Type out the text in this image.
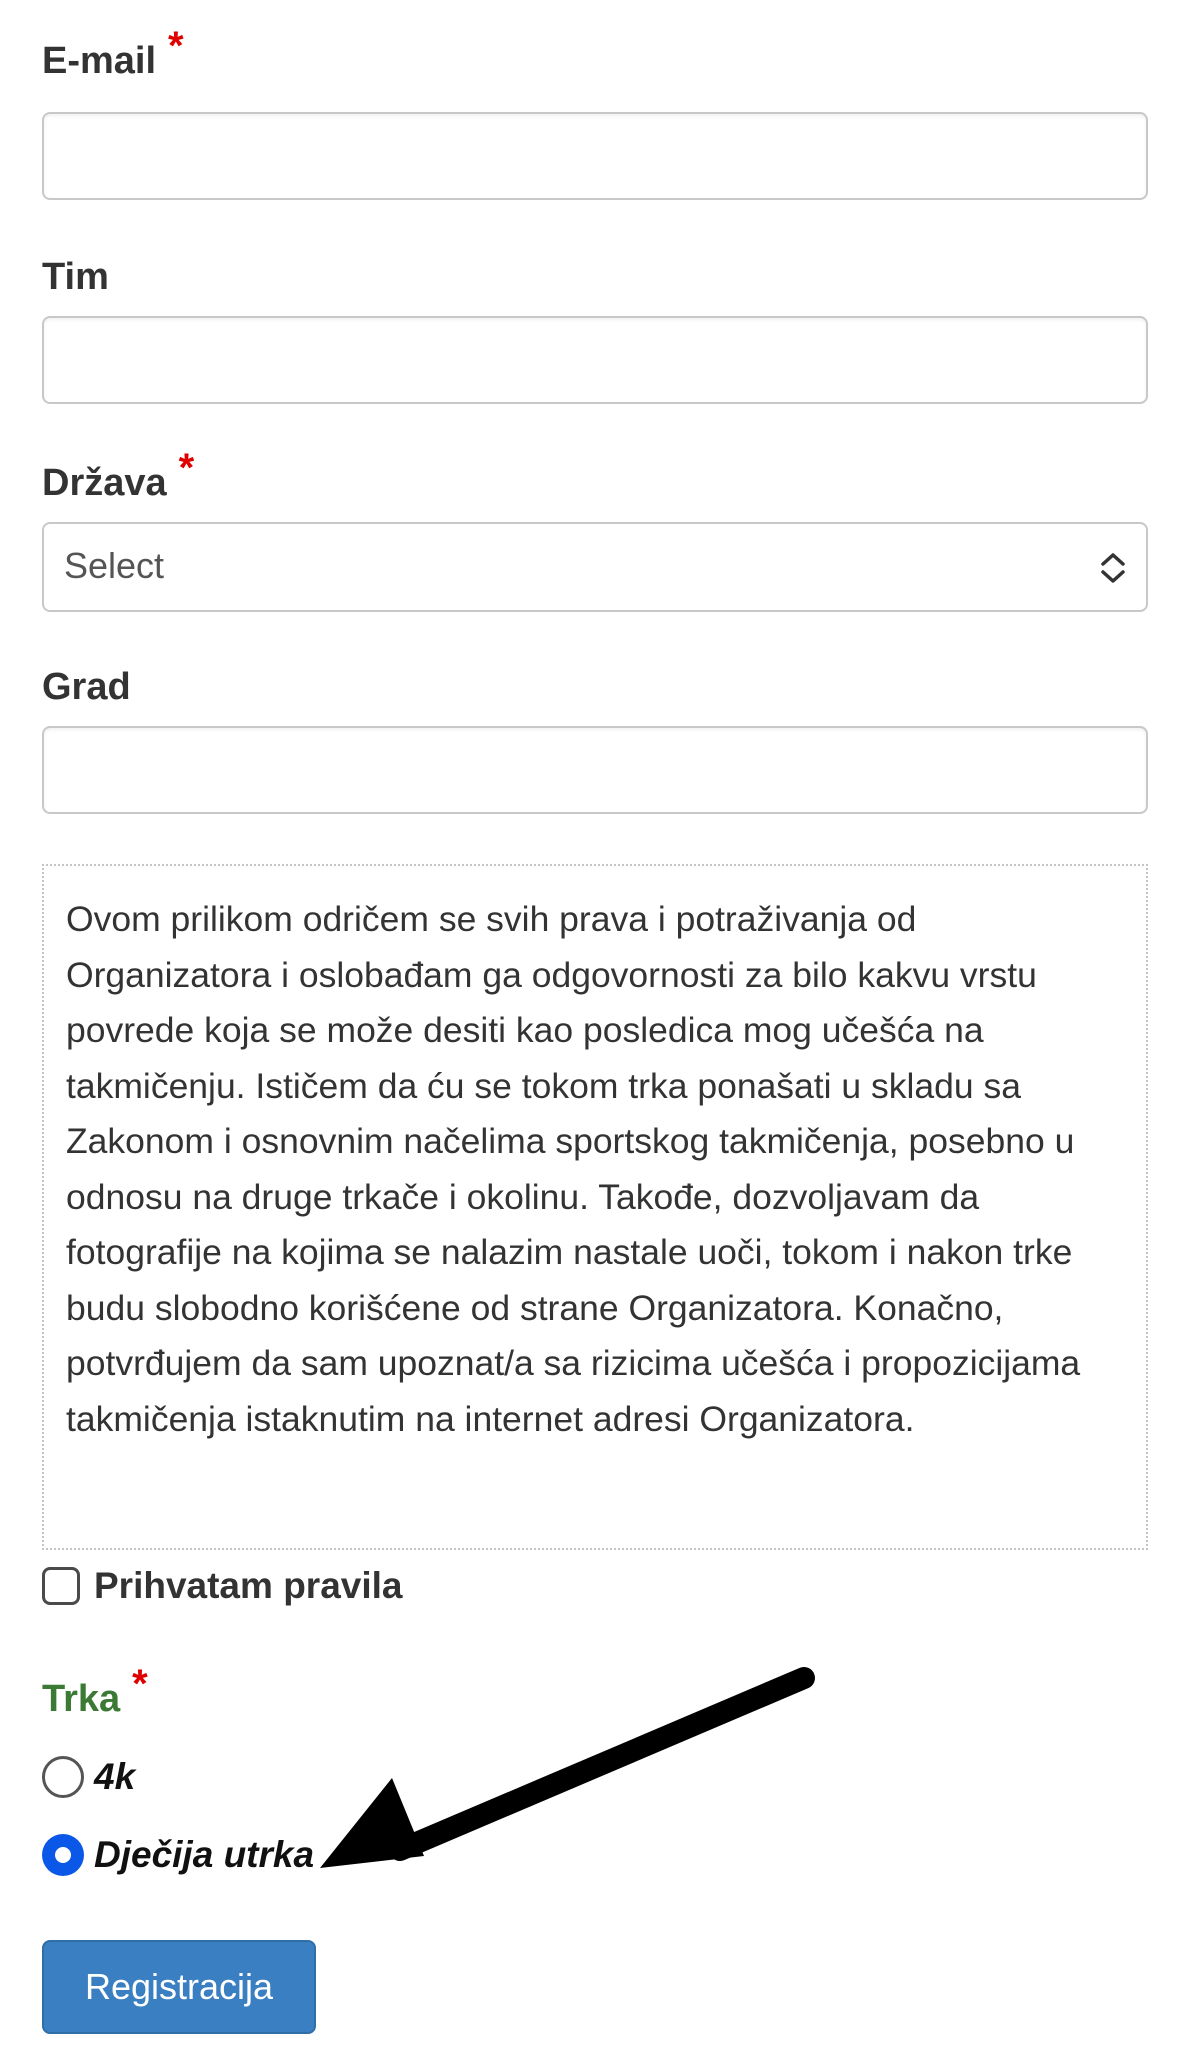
E-mail *
Tim
Država *
Select
Grad
Ovom prilikom odričem se svih prava i potraživanja od Organizatora i oslobađam ga odgovornosti za bilo kakvu vrstu povrede koja se može desiti kao posledica mog učešća na takmičenju. Ističem da ću se tokom trka ponašati u skladu sa Zakonom i osnovnim načelima sportskog takmičenja, posebno u odnosu na druge trkače i okolinu. Takođe, dozvoljavam da fotografije na kojima se nalazim nastale uoči, tokom i nakon trke budu slobodno korišćene od strane Organizatora. Konačno, potvrđujem da sam upoznat/a sa rizicima učešća i propozicijama takmičenja istaknutim na internet adresi Organizatora.
Prihvatam pravila
Trka *
4k
Dječija utrka
Registracija
